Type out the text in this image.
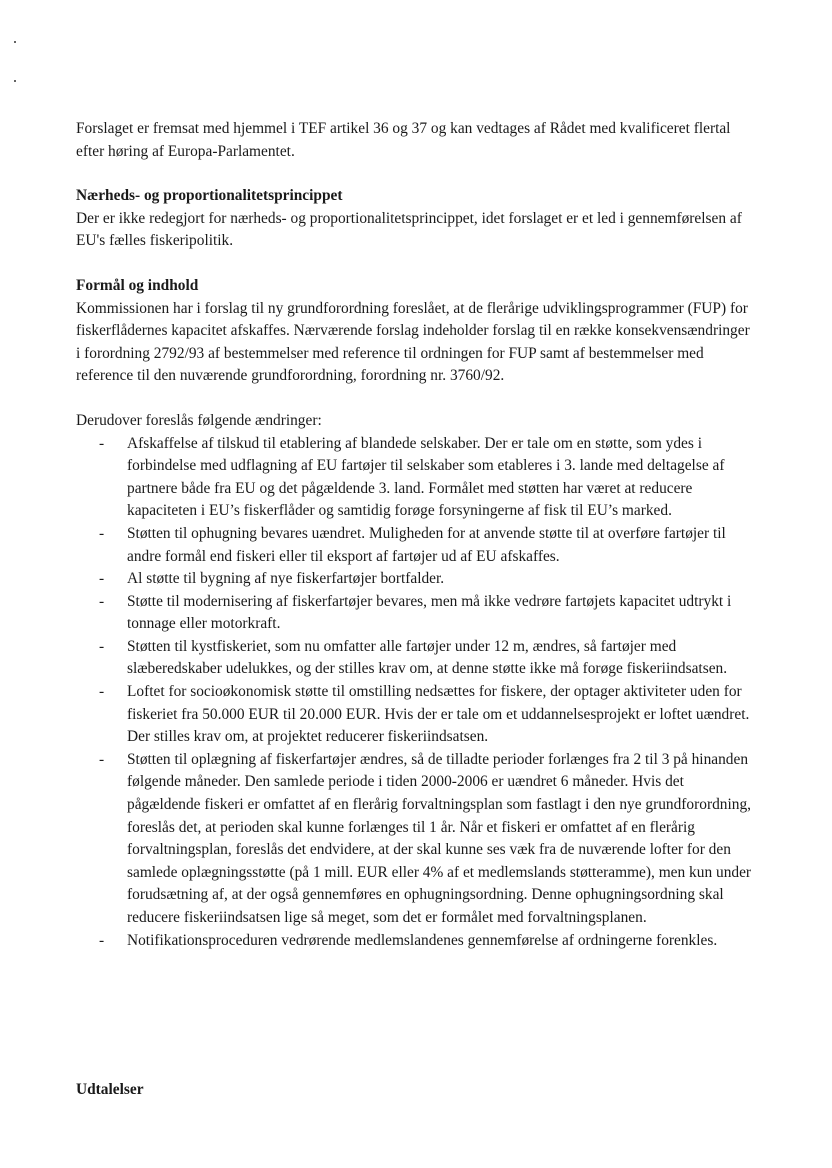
Forslaget er fremsat med hjemmel i TEF artikel 36 og 37 og kan vedtages af Rådet med kvalificeret flertal efter høring af Europa-Parlamentet.

Nærheds- og proportionalitetsprincippet

Der er ikke redegjort for nærheds- og proportionalitetsprincippet, idet forslaget er et led i gennemførelsen af EU's fælles fiskeripolitik.

Formål og indhold

Kommissionen har i forslag til ny grundforordning foreslået, at de flerårige udviklingsprogrammer (FUP) for fiskerflådernes kapacitet afskaffes. Nærværende forslag indeholder forslag til en række konsekvensændringer i forordning 2792/93 af bestemmelser med reference til ordningen for FUP samt af bestemmelser med reference til den nuværende grundforordning, forordning nr. 3760/92.

Derudover foreslås følgende ændringer:

- Afskaffelse af tilskud til etablering af blandede selskaber. Der er tale om en støtte, som ydes i forbindelse med udflagning af EU fartøjer til selskaber som etableres i 3. lande med deltagelse af partnere både fra EU og det pågældende 3. land. Formålet med støtten har været at reducere kapaciteten i EU’s fiskerflåder og samtidig forøge forsyningerne af fisk til EU’s marked.
- Støtten til ophugning bevares uændret. Muligheden for at anvende støtte til at overføre fartøjer til andre formål end fiskeri eller til eksport af fartøjer ud af EU afskaffes.
- Al støtte til bygning af nye fiskerfartøjer bortfalder.
- Støtte til modernisering af fiskerfartøjer bevares, men må ikke vedrøre fartøjets kapacitet udtrykt i tonnage eller motorkraft.
- Støtten til kystfiskeriet, som nu omfatter alle fartøjer under 12 m, ændres, så fartøjer med slæberedskaber udelukkes, og der stilles krav om, at denne støtte ikke må forøge fiskeriindsatsen.
- Loftet for socioøkonomisk støtte til omstilling nedsættes for fiskere, der optager aktiviteter uden for fiskeriet fra 50.000 EUR til 20.000 EUR. Hvis der er tale om et uddannelsesprojekt er loftet uændret. Der stilles krav om, at projektet reducerer fiskeriindsatsen.
- Støtten til oplægning af fiskerfartøjer ændres, så de tilladte perioder forlænges fra 2 til 3 på hinanden følgende måneder. Den samlede periode i tiden 2000-2006 er uændret 6 måneder. Hvis det pågældende fiskeri er omfattet af en flerårig forvaltningsplan som fastlagt i den nye grundforordning, foreslås det, at perioden skal kunne forlænges til 1 år. Når et fiskeri er omfattet af en flerårig forvaltningsplan, foreslås det endvidere, at der skal kunne ses væk fra de nuværende lofter for den samlede oplægningsstøtte (på 1 mill. EUR eller 4% af et medlemslands støtteramme), men kun under forudsætning af, at der også gennemføres en ophugningsordning. Denne ophugningsordning skal reducere fiskeriindsatsen lige så meget, som det er formålet med forvaltningsplanen.
- Notifikationsproceduren vedrørende medlemslandenes gennemførelse af ordningerne forenkles.

Udtalelser
